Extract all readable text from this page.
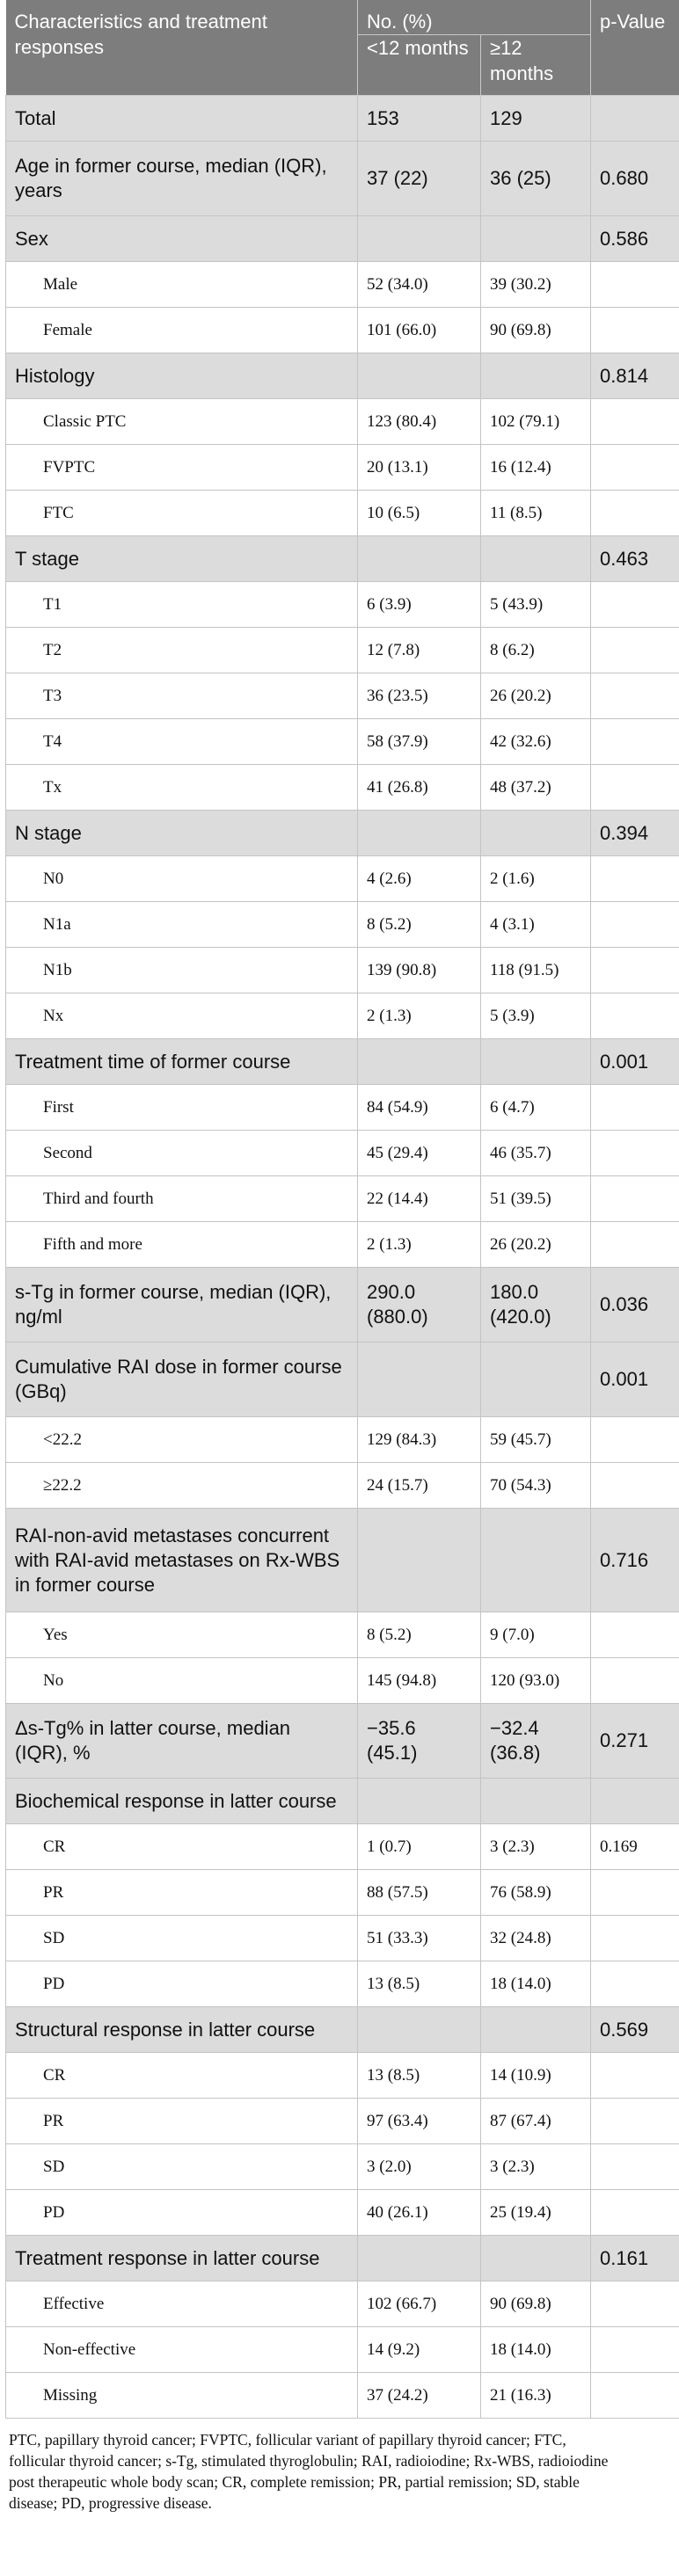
Characteristics and treatment responses	No. (%)		p-Value
	<12 months	≥12 months	
Total	153	129	
Age in former course, median (IQR), years	37 (22)	36 (25)	0.680
Sex			0.586
Male	52 (34.0)	39 (30.2)	
Female	101 (66.0)	90 (69.8)	
Histology			0.814
Classic PTC	123 (80.4)	102 (79.1)	
FVPTC	20 (13.1)	16 (12.4)	
FTC	10 (6.5)	11 (8.5)	
T stage			0.463
T1	6 (3.9)	5 (43.9)	
T2	12 (7.8)	8 (6.2)	
T3	36 (23.5)	26 (20.2)	
T4	58 (37.9)	42 (32.6)	
Tx	41 (26.8)	48 (37.2)	
N stage			0.394
N0	4 (2.6)	2 (1.6)	
N1a	8 (5.2)	4 (3.1)	
N1b	139 (90.8)	118 (91.5)	
Nx	2 (1.3)	5 (3.9)	
Treatment time of former course			0.001
First	84 (54.9)	6 (4.7)	
Second	45 (29.4)	46 (35.7)	
Third and fourth	22 (14.4)	51 (39.5)	
Fifth and more	2 (1.3)	26 (20.2)	
s-Tg in former course, median (IQR), ng/ml	290.0 (880.0)	180.0 (420.0)	0.036
Cumulative RAI dose in former course (GBq)			0.001
<22.2	129 (84.3)	59 (45.7)	
≥22.2	24 (15.7)	70 (54.3)	
RAI-non-avid metastases concurrent with RAI-avid metastases on Rx-WBS in former course			0.716
Yes	8 (5.2)	9 (7.0)	
No	145 (94.8)	120 (93.0)	
Δs-Tg% in latter course, median (IQR), %	−35.6 (45.1)	−32.4 (36.8)	0.271
Biochemical response in latter course			
CR	1 (0.7)	3 (2.3)	0.169
PR	88 (57.5)	76 (58.9)	
SD	51 (33.3)	32 (24.8)	
PD	13 (8.5)	18 (14.0)	
Structural response in latter course			0.569
CR	13 (8.5)	14 (10.9)	
PR	97 (63.4)	87 (67.4)	
SD	3 (2.0)	3 (2.3)	
PD	40 (26.1)	25 (19.4)	
Treatment response in latter course			0.161
Effective	102 (66.7)	90 (69.8)	
Non-effective	14 (9.2)	18 (14.0)	
Missing	37 (24.2)	21 (16.3)	
PTC, papillary thyroid cancer; FVPTC, follicular variant of papillary thyroid cancer; FTC, follicular thyroid cancer; s-Tg, stimulated thyroglobulin; RAI, radioiodine; Rx-WBS, radioiodine post therapeutic whole body scan; CR, complete remission; PR, partial remission; SD, stable disease; PD, progressive disease.
